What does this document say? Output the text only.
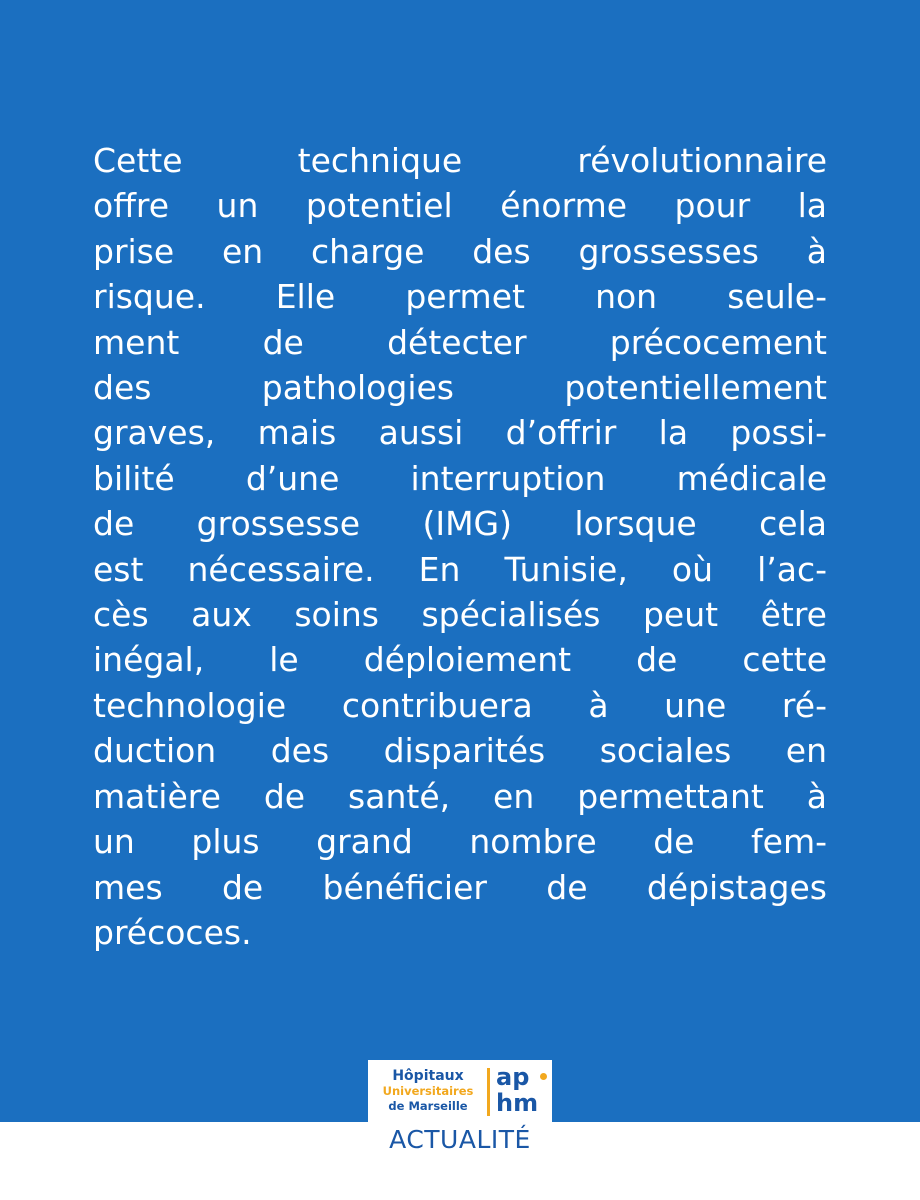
Cette technique révolutionnaire
offre un potentiel énorme pour la
prise en charge des grossesses à
risque. Elle permet non seule-
ment de détecter précocement
des pathologies potentiellement
graves, mais aussi d’offrir la possi-
bilité d’une interruption médicale
de grossesse (IMG) lorsque cela
est nécessaire. En Tunisie, où l’ac-
cès aux soins spécialisés peut être
inégal, le déploiement de cette
technologie contribuera à une ré-
duction des disparités sociales en
matière de santé, en permettant à
un plus grand nombre de fem-
mes de bénéficier de dépistages
précoces.
Hôpitaux
Universitaires
de Marseille
ap
hm
ACTUALITÉ
